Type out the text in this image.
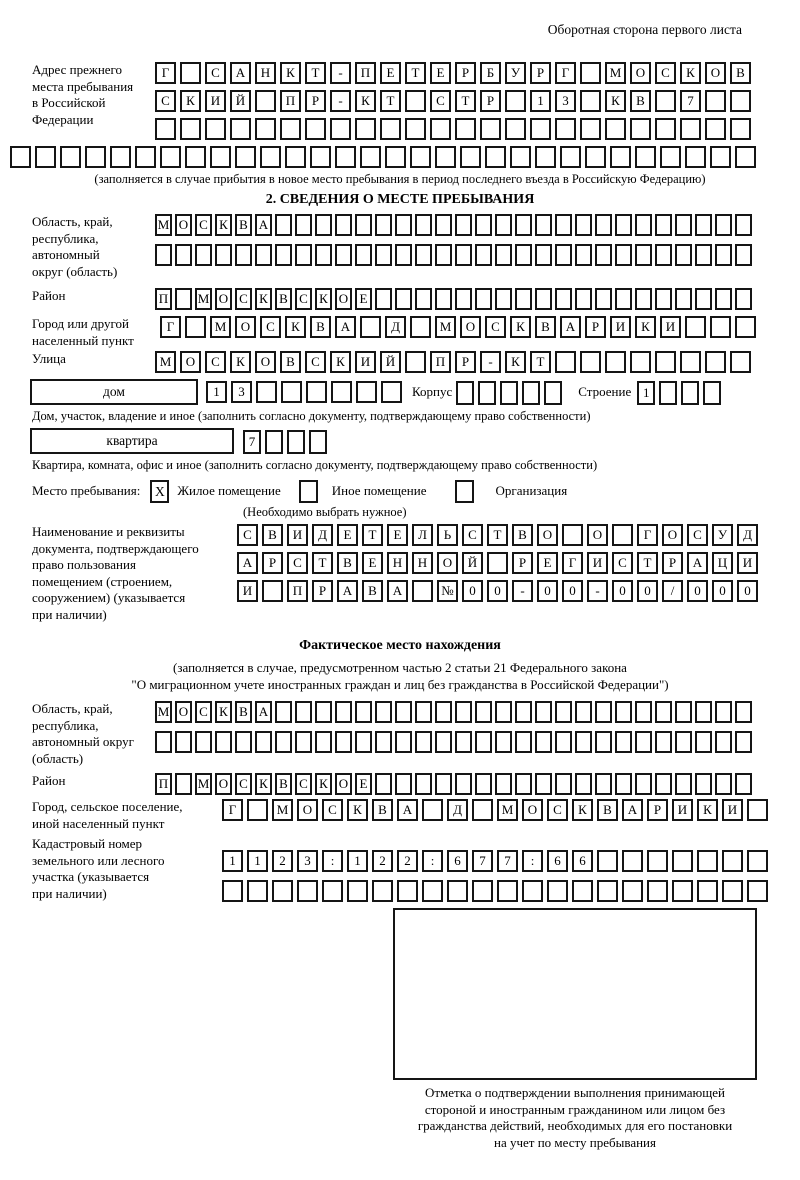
Оборотная сторона первого листа
Адрес прежнего
места пребывания
в Российской
Федерации
Г	С А Н К Т - П Е Т Е Р Б У Р Г	М О С К О В
С К И Й	П Р - К Т	С Т Р	1 3	К В	7
(заполняется в случае прибытия в новое место пребывания в период последнего въезда в Российскую Федерацию)
2. СВЕДЕНИЯ О МЕСТЕ ПРЕБЫВАНИЯ
Область, край,
республика,
автономный
округ (область)
М О С К В А
Район	П М О С К В С К О Е
Город или другой
населенный пункт
Г	М О С К В А	Д	М О С К В А Р И К И
Улица	М О С К О В С К И Й	П Р - К Т
дом	1 3	Корпус	Строение 1
Дом, участок, владение и иное (заполнить согласно документу, подтверждающему право собственности)
квартира	7
Квартира, комната, офис и иное (заполнить согласно документу, подтверждающему право собственности)
Место пребывания:	X Жилое помещение	Иное помещение	Организация
(Необходимо выбрать нужное)
Наименование и реквизиты
документа, подтверждающего
право пользования
помещением (строением,
сооружением) (указывается
при наличии)
С В И Д Е Т Е Л Ь С Т В О	О	Г О С У Д
А Р С Т В Е Н Н О Й	Р Е Г И С Т Р А Ц И
И	П Р А В А	№ 0 0 - 0 0 - 0 0 / 0 0 0
Фактическое место нахождения
(заполняется в случае, предусмотренном частью 2 статьи 21 Федерального закона
"О миграционном учете иностранных граждан и лиц без гражданства в Российской Федерации")
Область, край,
республика,
автономный округ
(область)
М О С К В А
Район	П М О С К В С К О Е
Город, сельское поселение,
иной населенный пункт
Г	М О С К В А	Д	М О С К В А Р И К И
Кадастровый номер
земельного или лесного
участка (указывается
при наличии)
1 1 2 3 : 1 2 2 : 6 7 7 : 6 6
Отметка о подтверждении выполнения принимающей
стороной и иностранным гражданином или лицом без
гражданства действий, необходимых для его постановки
на учет по месту пребывания
